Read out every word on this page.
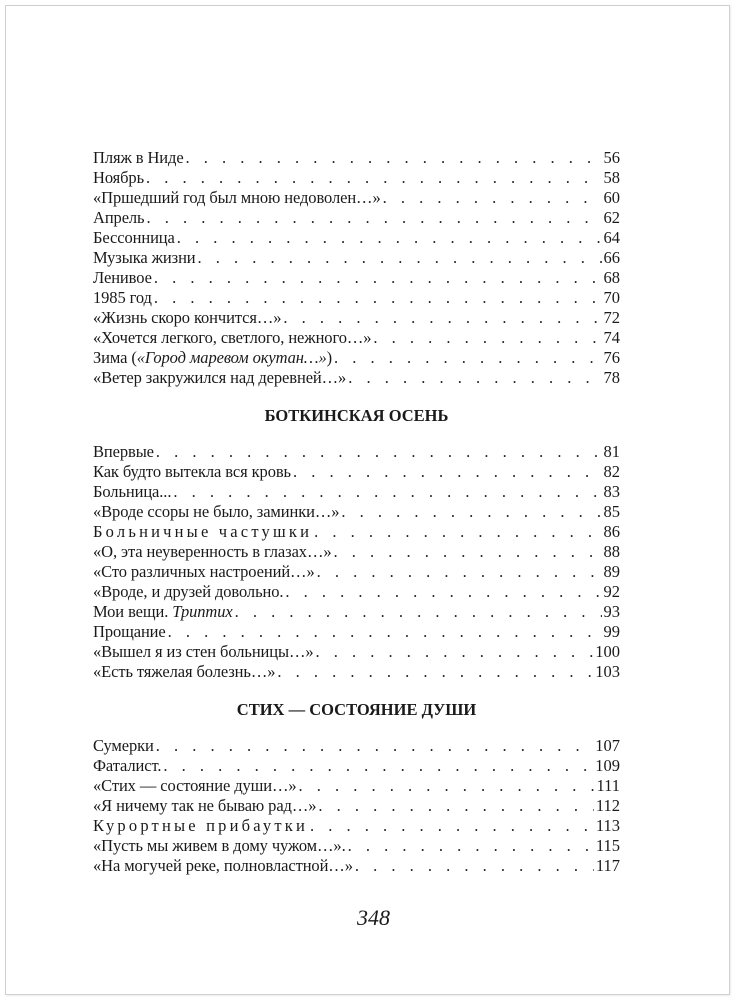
Пляж в Ниде . . .	56
Ноябрь . . .	58
«Пршедший год был мною недоволен…» . . .	60
Апрель . . .	62
Бессонница . . .	64
Музыка жизни . . .	66
Ленивое . . .	68
1985 год . . .	70
«Жизнь скоро кончится…» . . .	72
«Хочется легкого, светлого, нежного…» . . .	74
Зима («Город маревом окутан…») . . .	76
«Ветер закружился над деревней…» . . .	78
БОТКИНСКАЯ ОСЕНЬ
Впервые . . .	81
Как будто вытекла вся кровь . . .	82
Больница... . . .	83
«Вроде ссоры не было, заминки…» . . .	85
Больничные частушки . . .	86
«О, эта неуверенность в глазах…» . . .	88
«Сто различных настроений…» . . .	89
«Вроде, и друзей довольно. . . .	92
Мои вещи. Триптих . . .	93
Прощание . . .	99
«Вышел я из стен больницы…» . . .	100
«Есть тяжелая болезнь…» . . .	103
СТИХ — СОСТОЯНИЕ ДУШИ
Сумерки . . .	107
Фаталист. . . .	109
«Стих — состояние души…» . . .	111
«Я ничему так не бываю рад…» . . .	112
Курортные прибаутки . . .	113
«Пусть мы живем в дому чужом…». . . .	115
«На могучей реке, полновластной…» . . .	117
348
